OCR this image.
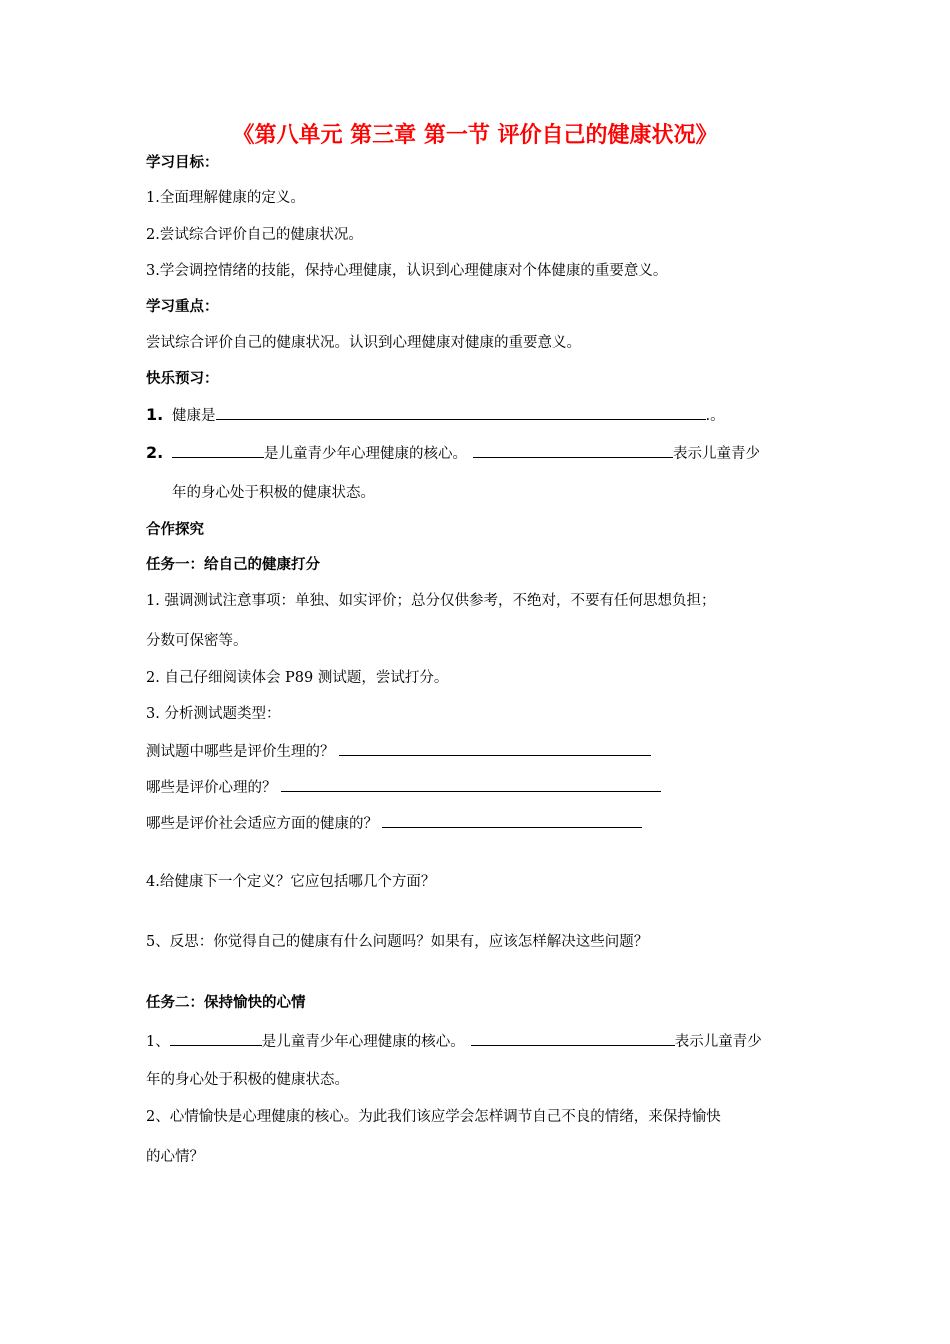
《第八单元 第三章 第一节 评价自己的健康状况》
学习目标：
1.全面理解健康的定义。
2.尝试综合评价自己的健康状况。
3.学会调控情绪的技能，保持心理健康，认识到心理健康对个体健康的重要意义。
学习重点：
尝试综合评价自己的健康状况。认识到心理健康对健康的重要意义。
快乐预习：
1. 健康是	.。
2.	是儿童青少年心理健康的核心。	表示儿童青少
年的身心处于积极的健康状态。
合作探究
任务一：给自己的健康打分
1. 强调测试注意事项：单独、如实评价；总分仅供参考，不绝对，不要有任何思想负担；
分数可保密等。
2. 自己仔细阅读体会 P89 测试题，尝试打分。
3. 分析测试题类型：
测试题中哪些是评价生理的？
哪些是评价心理的？
哪些是评价社会适应方面的健康的？
4.给健康下一个定义？它应包括哪几个方面？
5、反思：你觉得自己的健康有什么问题吗？如果有，应该怎样解决这些问题？
任务二：保持愉快的心情
1、	是儿童青少年心理健康的核心。	表示儿童青少
年的身心处于积极的健康状态。
2、心情愉快是心理健康的核心。为此我们该应学会怎样调节自己不良的情绪，来保持愉快
的心情？
